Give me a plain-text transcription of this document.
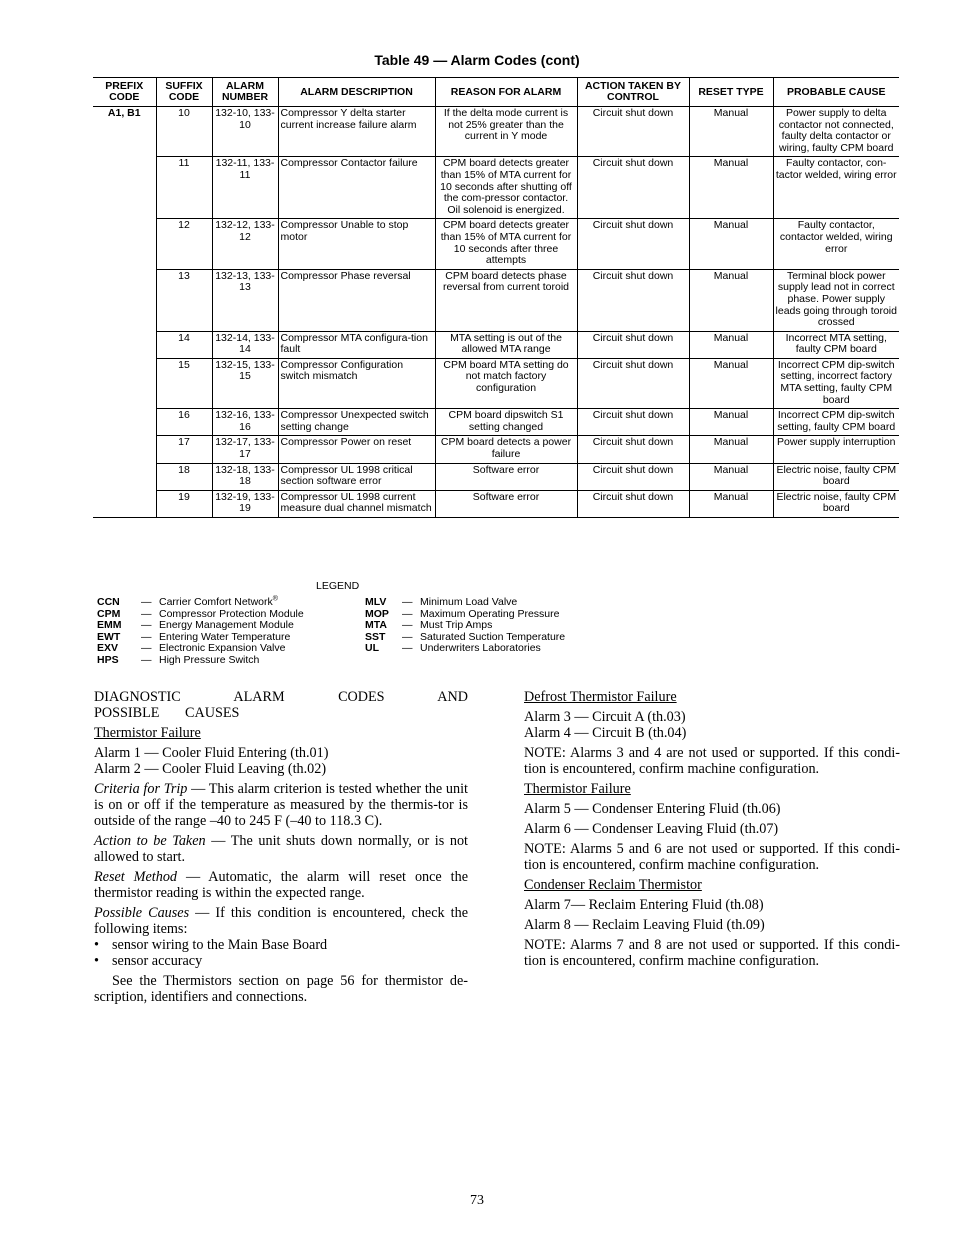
Table 49 — Alarm Codes (cont)
PREFIX CODE	SUFFIX CODE	ALARM NUMBER	ALARM DESCRIPTION	REASON FOR ALARM	ACTION TAKEN BY CONTROL	RESET TYPE	PROBABLE CAUSE
A1, B1	10	132-10, 133-10	Compressor Y delta starter current increase failure alarm	If the delta mode current is not 25% greater than the current in Y mode	Circuit shut down	Manual	Power supply to delta contactor not connected, faulty delta contactor or wiring, faulty CPM board
	11	132-11, 133-11	Compressor Contactor failure	CPM board detects greater than 15% of MTA current for 10 seconds after shutting off the com-pressor contactor. Oil solenoid is energized.	Circuit shut down	Manual	Faulty contactor, con-tactor welded, wiring error
	12	132-12, 133-12	Compressor Unable to stop motor	CPM board detects greater than 15% of MTA current for 10 seconds after three attempts	Circuit shut down	Manual	Faulty contactor, contactor welded, wiring error
	13	132-13, 133-13	Compressor Phase reversal	CPM board detects phase reversal from current toroid	Circuit shut down	Manual	Terminal block power supply lead not in correct phase. Power supply leads going through toroid crossed
	14	132-14, 133-14	Compressor MTA configura-tion fault	MTA setting is out of the allowed MTA range	Circuit shut down	Manual	Incorrect MTA setting, faulty CPM board
	15	132-15, 133-15	Compressor Configuration switch mismatch	CPM board MTA setting do not match factory configuration	Circuit shut down	Manual	Incorrect CPM dip-switch setting, incorrect factory MTA setting, faulty CPM board
	16	132-16, 133-16	Compressor Unexpected switch setting change	CPM board dipswitch S1 setting changed	Circuit shut down	Manual	Incorrect CPM dip-switch setting, faulty CPM board
	17	132-17, 133-17	Compressor Power on reset	CPM board detects a power failure	Circuit shut down	Manual	Power supply interruption
	18	132-18, 133-18	Compressor UL 1998 critical section software error	Software error	Circuit shut down	Manual	Electric noise, faulty CPM board
	19	132-19, 133-19	Compressor UL 1998 current measure dual channel mismatch	Software error	Circuit shut down	Manual	Electric noise, faulty CPM board
LEGEND
CCN	— Carrier Comfort Network®
CPM	— Compressor Protection Module
EMM	— Energy Management Module
EWT	— Entering Water Temperature
EXV	— Electronic Expansion Valve
HPS	— High Pressure Switch
MLV	— Minimum Load Valve
MOP	— Maximum Operating Pressure
MTA	— Must Trip Amps
SST	— Saturated Suction Temperature
UL	— Underwriters Laboratories

DIAGNOSTIC ALARM CODES AND POSSIBLE CAUSES

Thermistor Failure

Alarm 1 — Cooler Fluid Entering (th.01)

Alarm 2 — Cooler Fluid Leaving (th.02)

Criteria for Trip — This alarm criterion is tested whether the unit is on or off if the temperature as measured by the thermis-tor is outside of the range –40 to 245 F (–40 to 118.3 C).

Action to be Taken — The unit shuts down normally, or is not allowed to start.

Reset Method — Automatic, the alarm will reset once the thermistor reading is within the expected range.

Possible Causes — If this condition is encountered, check the following items:

• sensor wiring to the Main Base Board
• sensor accuracy

See the Thermistors section on page 56 for thermistor de-scription, identifiers and connections.

Defrost Thermistor Failure

Alarm 3 — Circuit A (th.03)

Alarm 4 — Circuit B (th.04)

NOTE: Alarms 3 and 4 are not used or supported. If this condi-tion is encountered, confirm machine configuration.

Thermistor Failure

Alarm 5 — Condenser Entering Fluid (th.06)

Alarm 6 — Condenser Leaving Fluid (th.07)

NOTE: Alarms 5 and 6 are not used or supported. If this condi-tion is encountered, confirm machine configuration.

Condenser Reclaim Thermistor

Alarm 7— Reclaim Entering Fluid (th.08)

Alarm 8 — Reclaim Leaving Fluid (th.09)

NOTE: Alarms 7 and 8 are not used or supported. If this condi-tion is encountered, confirm machine configuration.

73
